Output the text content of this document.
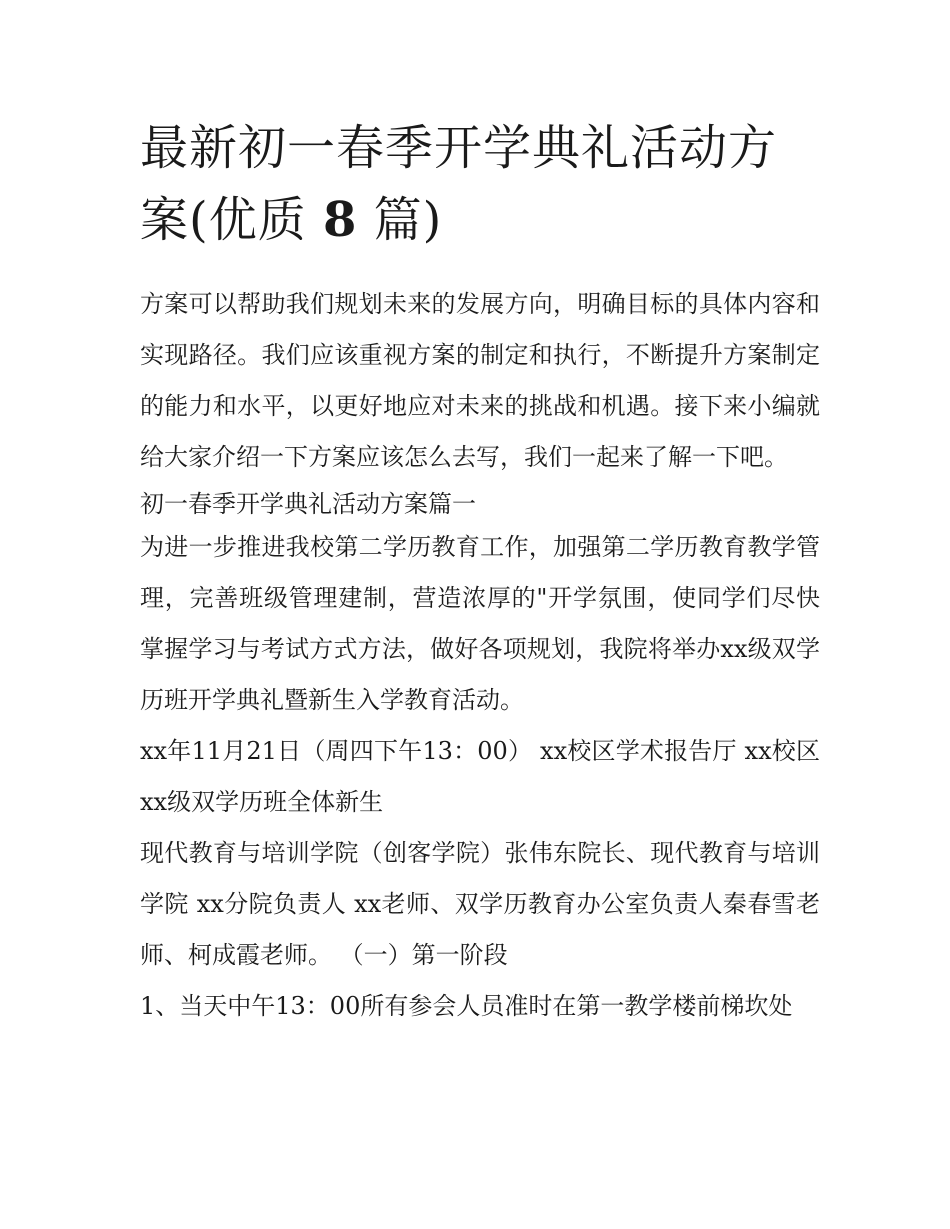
最新初一春季开学典礼活动方
案(优质 8 篇)

方案可以帮助我们规划未来的发展方向，明确目标的具体内容和实现路径。我们应该重视方案的制定和执行，不断提升方案制定的能力和水平，以更好地应对未来的挑战和机遇。接下来小编就给大家介绍一下方案应该怎么去写，我们一起来了解一下吧。

初一春季开学典礼活动方案篇一

为进一步推进我校第二学历教育工作，加强第二学历教育教学管理，完善班级管理建制，营造浓厚的"开学氛围，使同学们尽快掌握学习与考试方式方法，做好各项规划，我院将举办xx级双学历班开学典礼暨新生入学教育活动。

xx年11月21日（周四下午13：00） xx校区学术报告厅 xx校区 xx级双学历班全体新生

现代教育与培训学院（创客学院）张伟东院长、现代教育与培训学院 xx分院负责人 xx老师、双学历教育办公室负责人秦春雪老师、柯成霞老师。 （一）第一阶段

1、当天中午13：00所有参会人员准时在第一教学楼前梯坎处
